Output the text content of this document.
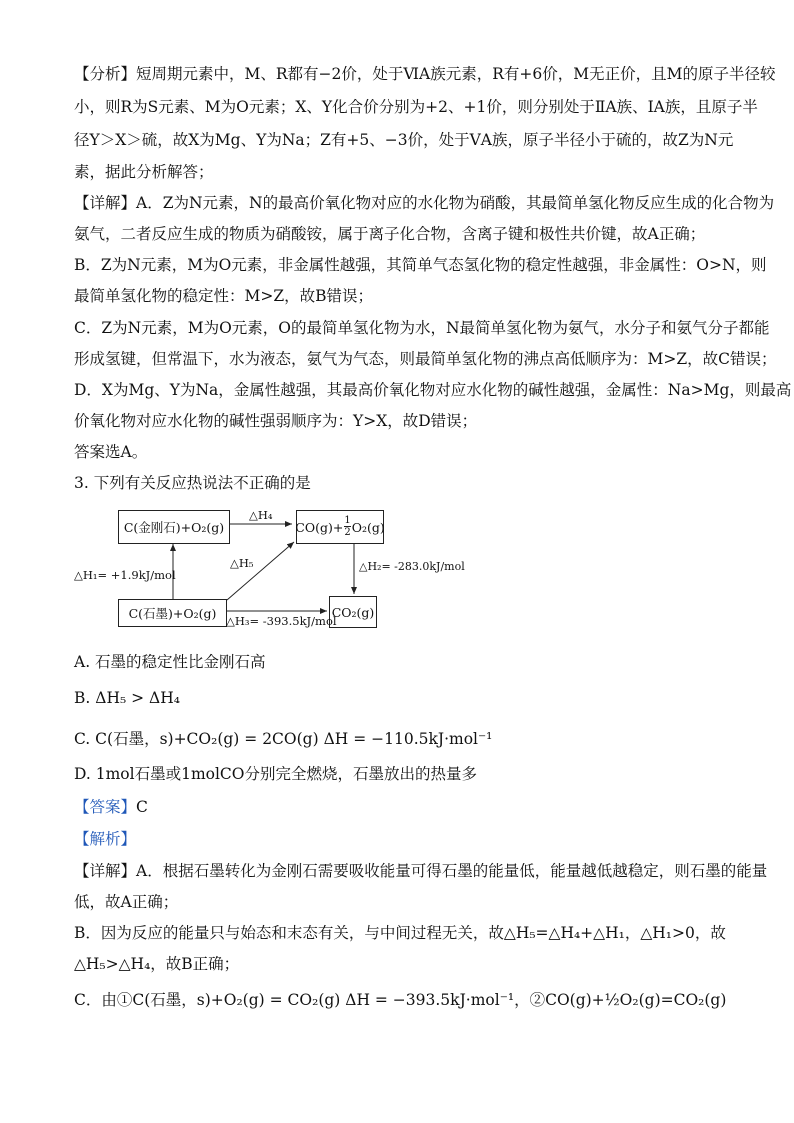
【分析】短周期元素中，M、R都有−2价，处于ⅥA族元素，R有+6价，M无正价，且M的原子半径较
小，则R为S元素、M为O元素；X、Y化合价分别为+2、+1价，则分别处于ⅡA族、ⅠA族，且原子半
径Y＞X＞硫，故X为Mg、Y为Na；Z有+5、−3价，处于ⅤA族，原子半径小于硫的，故Z为N元
素，据此分析解答；
【详解】A．Z为N元素，N的最高价氧化物对应的水化物为硝酸，其最简单氢化物反应生成的化合物为
氨气，二者反应生成的物质为硝酸铵，属于离子化合物，含离子键和极性共价键，故A正确；
B．Z为N元素，M为O元素，非金属性越强，其简单气态氢化物的稳定性越强，非金属性：O>N，则
最简单氢化物的稳定性：M>Z，故B错误；
C．Z为N元素，M为O元素，O的最简单氢化物为水，N最简单氢化物为氨气，水分子和氨气分子都能
形成氢键，但常温下，水为液态，氨气为气态，则最简单氢化物的沸点高低顺序为：M>Z，故C错误；
D．X为Mg、Y为Na，金属性越强，其最高价氧化物对应水化物的碱性越强，金属性：Na>Mg，则最高
价氧化物对应水化物的碱性强弱顺序为：Y>X，故D错误；
答案选A。
3. 下列有关反应热说法不正确的是
C(金刚石)+O₂(g)	$CO(g)+ \frac{1}{2} O_2(g)$
C(石墨)+O₂(g)	CO₂(g)
△H₄
△H₅
△H₁= +1.9kJ/mol
△H₂= -283.0kJ/mol
△H₃= -393.5kJ/mol
A. 石墨的稳定性比金刚石高
B. ΔH₅ > ΔH₄
C. C(石墨，s)+CO₂(g) = 2CO(g) ΔH = −110.5kJ·mol⁻¹
D. 1mol石墨或1molCO分别完全燃烧，石墨放出的热量多
【答案】C
【解析】
【详解】A．根据石墨转化为金刚石需要吸收能量可得石墨的能量低，能量越低越稳定，则石墨的能量
低，故A正确；
B．因为反应的能量只与始态和末态有关，与中间过程无关，故△H₅=△H₄+△H₁，△H₁>0，故
△H₅>△H₄，故B正确；
C．由①C(石墨，s)+O₂(g) = CO₂(g) ΔH = −393.5kJ·mol⁻¹，②CO(g)+½O₂(g)=CO₂(g)
